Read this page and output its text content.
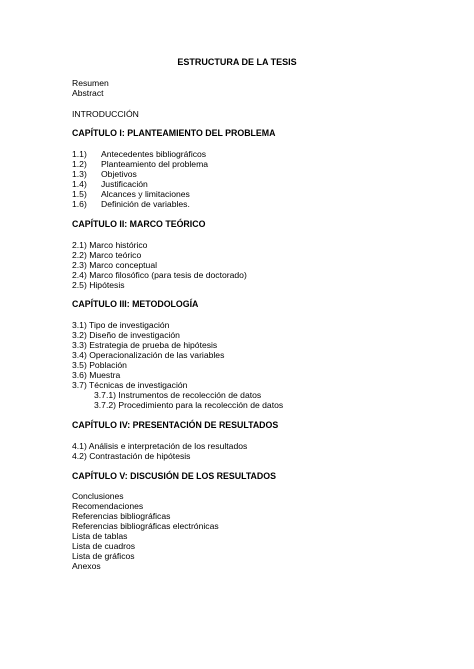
ESTRUCTURA DE LA TESIS
Resumen
Abstract
INTRODUCCIÓN
CAPÍTULO I: PLANTEAMIENTO DEL PROBLEMA
1.1) Antecedentes bibliográficos
1.2) Planteamiento del problema
1.3) Objetivos
1.4) Justificación
1.5) Alcances y limitaciones
1.6) Definición de variables.
CAPÍTULO II: MARCO TEÓRICO
2.1) Marco histórico
2.2) Marco teórico
2.3) Marco conceptual
2.4) Marco filosófico (para tesis de doctorado)
2.5) Hipótesis
CAPÍTULO III: METODOLOGÍA
3.1) Tipo de investigación
3.2) Diseño de investigación
3.3) Estrategia de prueba de hipótesis
3.4) Operacionalización de las variables
3.5) Población
3.6) Muestra
3.7) Técnicas de investigación
3.7.1) Instrumentos de recolección de datos
3.7.2) Procedimiento para la recolección de datos
CAPÍTULO IV: PRESENTACIÓN DE RESULTADOS
4.1) Análisis e interpretación de los resultados
4.2) Contrastación de hipótesis
CAPÍTULO V: DISCUSIÓN DE LOS RESULTADOS
Conclusiones
Recomendaciones
Referencias bibliográficas
Referencias bibliográficas electrónicas
Lista de tablas
Lista de cuadros
Lista de gráficos
Anexos
